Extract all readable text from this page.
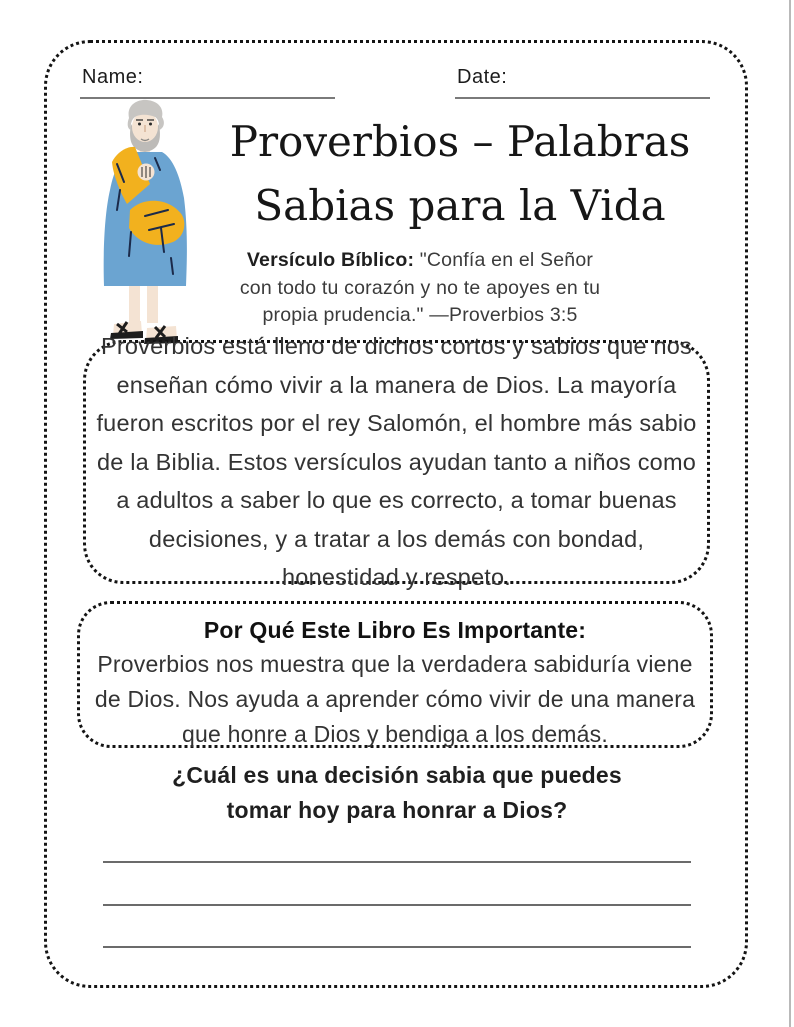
Name:	Date:
Proverbios – Palabras
Sabias para la Vida
Versículo Bíblico: "Confía en el Señor
con todo tu corazón y no te apoyes en tu
propia prudencia." —Proverbios 3:5

Proverbios está lleno de dichos cortos y sabios que nos enseñan cómo vivir a la manera de Dios. La mayoría fueron escritos por el rey Salomón, el hombre más sabio de la Biblia. Estos versículos ayudan tanto a niños como a adultos a saber lo que es correcto, a tomar buenas decisiones, y a tratar a los demás con bondad, honestidad y respeto.

Por Qué Este Libro Es Importante:

Proverbios nos muestra que la verdadera sabiduría viene de Dios. Nos ayuda a aprender cómo vivir de una manera que honre a Dios y bendiga a los demás.

¿Cuál es una decisión sabia que puedes
tomar hoy para honrar a Dios?
